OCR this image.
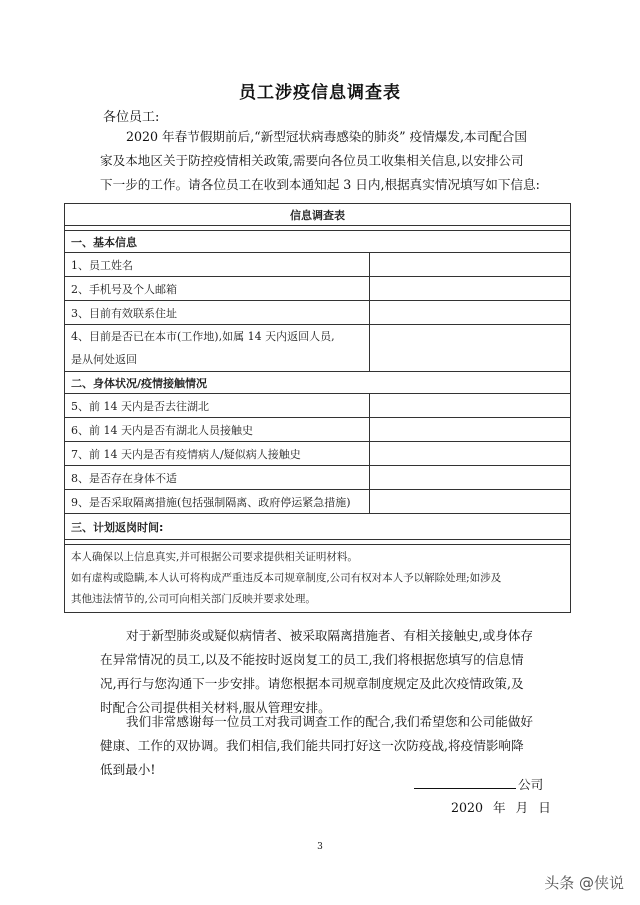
员工涉疫信息调查表
各位员工:
2020 年春节假期前后,“新型冠状病毒感染的肺炎” 疫情爆发,本司配合国
家及本地区关于防控疫情相关政策,需要向各位员工收集相关信息,以安排公司
下一步的工作。请各位员工在收到本通知起 3 日内,根据真实情况填写如下信息:
信息调查表	

一、基本信息	
1、员工姓名	
2、手机号及个人邮箱	
3、目前有效联系住址	
4、目前是否已在本市(工作地),如属 14 天内返回人员,
是从何处返回	
二、身体状况/疫情接触情况	
5、前 14 天内是否去往湖北	
6、前 14 天内是否有湖北人员接触史	
7、前 14 天内是否有疫情病人/疑似病人接触史	
8、是否存在身体不适	
9、是否采取隔离措施(包括强制隔离、政府停运紧急措施)	
三、计划返岗时间:	

本人确保以上信息真实,并可根据公司要求提供相关证明材料。
如有虚构或隐瞒,本人认可将构成严重违反本司规章制度,公司有权对本人予以解除处理;如涉及
其他违法情节的,公司可向相关部门反映并要求处理。	
对于新型肺炎或疑似病情者、被采取隔离措施者、有相关接触史,或身体存
在异常情况的员工,以及不能按时返岗复工的员工,我们将根据您填写的信息情
况,再行与您沟通下一步安排。请您根据本司规章制度规定及此次疫情政策,及
时配合公司提供相关材料,服从管理安排。
我们非常感谢每一位员工对我司调查工作的配合,我们希望您和公司能做好
健康、工作的双协调。我们相信,我们能共同打好这一次防疫战,将疫情影响降
低到最小!
公司
2020 年 月 日
3
头条 @侠说
